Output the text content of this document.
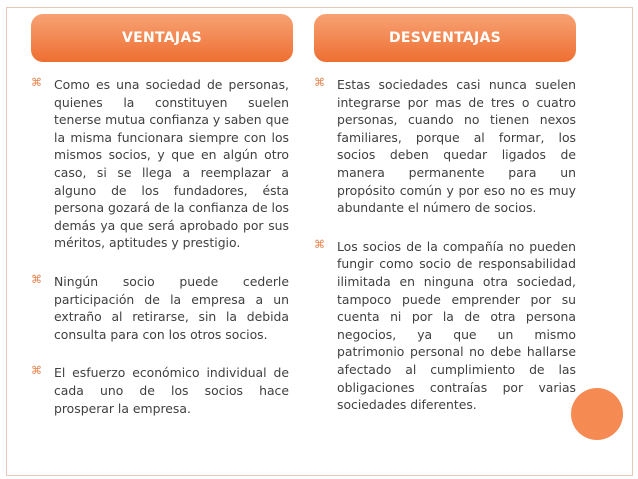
VENTAJAS
⌘
Como es una sociedad de personas, quienes la constituyen suelen tenerse mutua confianza y saben que la misma funcionara siempre con los mismos socios, y que en algún otro caso, si se llega a reemplazar a alguno de los fundadores, ésta persona gozará de la confianza de los demás ya que será aprobado por sus méritos, aptitudes y prestigio.
⌘
Ningún socio puede cederle participación de la empresa a un extraño al retirarse, sin la debida consulta para con los otros socios.
⌘
El esfuerzo económico individual de cada uno de los socios hace prosperar la empresa.
DESVENTAJAS
⌘
Estas sociedades casi nunca suelen integrarse por mas de tres o cuatro personas, cuando no tienen nexos familiares, porque al formar, los socios deben quedar ligados de manera permanente para un propósito común y por eso no es muy abundante el número de socios.
⌘
Los socios de la compañía no pueden fungir como socio de responsabilidad ilimitada en ninguna otra sociedad, tampoco puede emprender por su cuenta ni por la de otra persona negocios, ya que un mismo patrimonio personal no debe hallarse afectado al cumplimiento de las obligaciones contraías por varias sociedades diferentes.
